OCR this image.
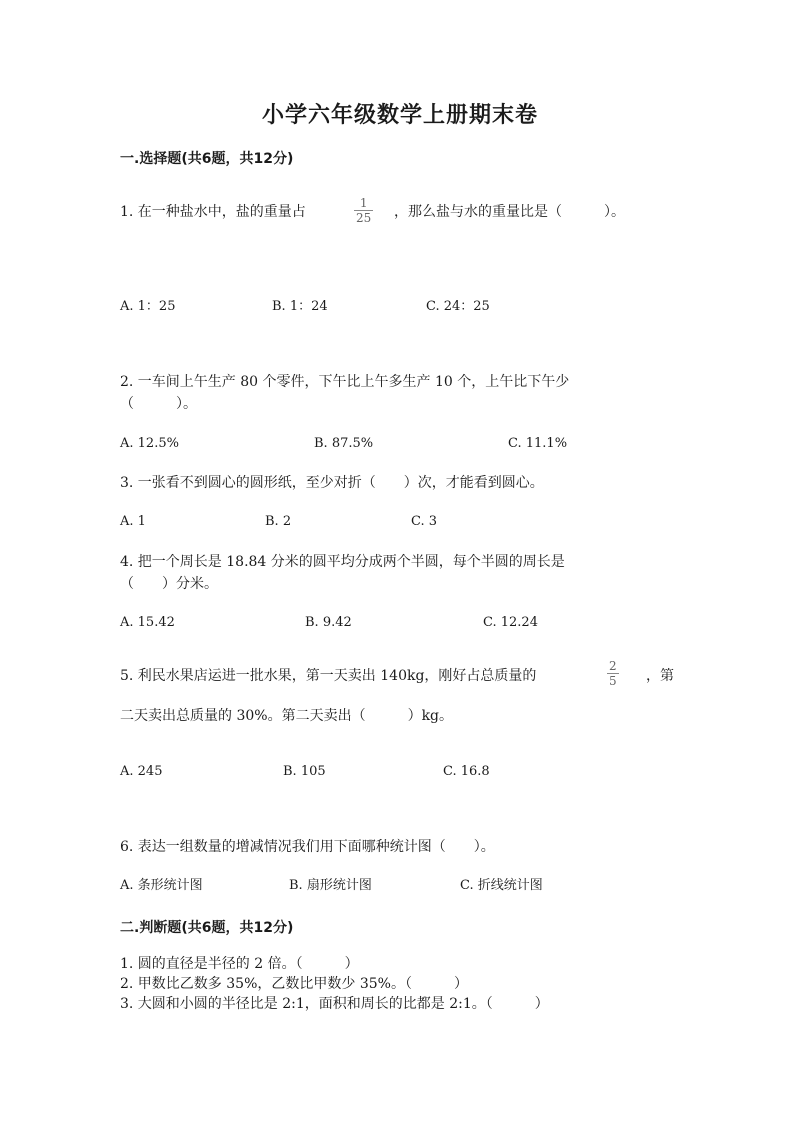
小学六年级数学上册期末卷
一.选择题(共6题，共12分)
1. 在一种盐水中，盐的重量占
1
25 ，那么盐与水的重量比是（　　　）。
A. 1：25	B. 1：24	C. 24：25
2. 一车间上午生产 80 个零件，下午比上午多生产 10 个，上午比下午少
（　　　）。
A. 12.5%	B. 87.5%	C. 11.1%
3. 一张看不到圆心的圆形纸，至少对折（　　）次，才能看到圆心。
A. 1	B. 2	C. 3
4. 把一个周长是 18.84 分米的圆平均分成两个半圆，每个半圆的周长是
（　　）分米。
A. 15.42	B. 9.42	C. 12.24
5. 利民水果店运进一批水果，第一天卖出 140kg，刚好占总质量的
2
5 ，第
二天卖出总质量的 30%。第二天卖出（　　　）kg。
A. 245	B. 105	C. 16.8
6. 表达一组数量的增减情况我们用下面哪种统计图（　　）。
A. 条形统计图	B. 扇形统计图	C. 折线统计图
二.判断题(共6题，共12分)
1. 圆的直径是半径的 2 倍。（　　　）
2. 甲数比乙数多 35%，乙数比甲数少 35%。（　　　）
3. 大圆和小圆的半径比是 2:1，面积和周长的比都是 2:1。（　　　）
